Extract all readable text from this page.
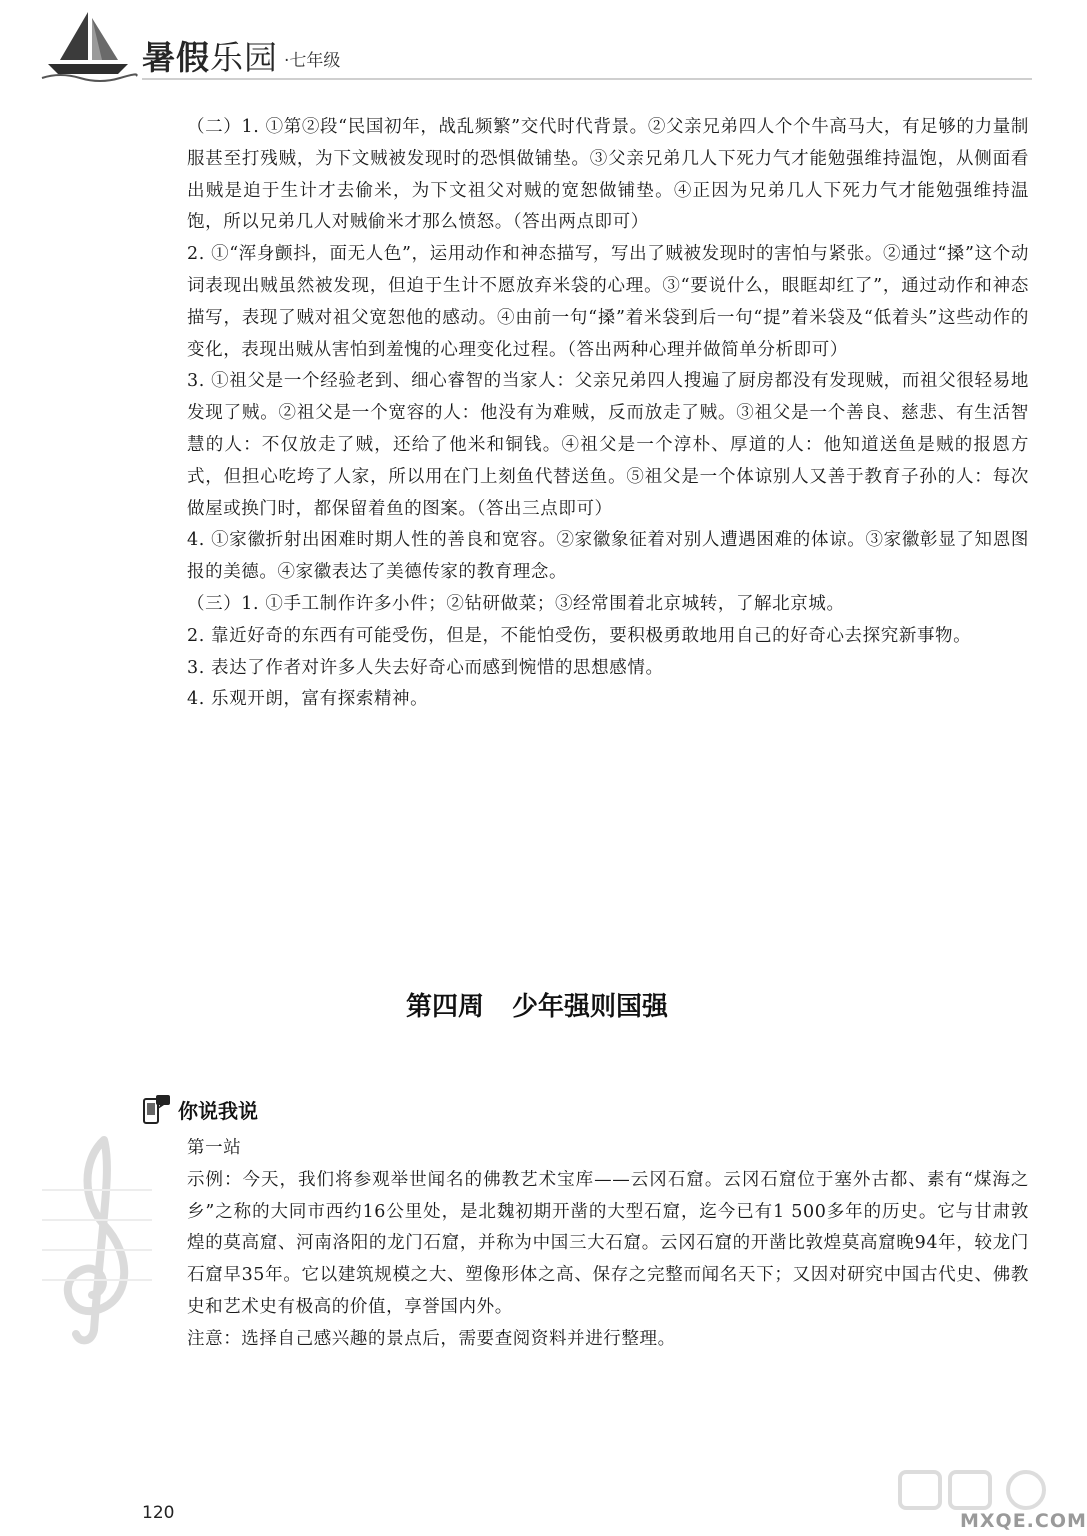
暑假乐园 ·七年级

（二）1. ①第②段“民国初年，战乱频繁”交代时代背景。②父亲兄弟四人个个牛高马大，有足够的力量制服甚至打残贼，为下文贼被发现时的恐惧做铺垫。③父亲兄弟几人下死力气才能勉强维持温饱，从侧面看出贼是迫于生计才去偷米，为下文祖父对贼的宽恕做铺垫。④正因为兄弟几人下死力气才能勉强维持温饱，所以兄弟几人对贼偷米才那么愤怒。（答出两点即可）

2. ①“浑身颤抖，面无人色”，运用动作和神态描写，写出了贼被发现时的害怕与紧张。②通过“搡”这个动词表现出贼虽然被发现，但迫于生计不愿放弃米袋的心理。③“要说什么，眼眶却红了”，通过动作和神态描写，表现了贼对祖父宽恕他的感动。④由前一句“搡”着米袋到后一句“提”着米袋及“低着头”这些动作的变化，表现出贼从害怕到羞愧的心理变化过程。（答出两种心理并做简单分析即可）

3. ①祖父是一个经验老到、细心睿智的当家人：父亲兄弟四人搜遍了厨房都没有发现贼，而祖父很轻易地发现了贼。②祖父是一个宽容的人：他没有为难贼，反而放走了贼。③祖父是一个善良、慈悲、有生活智慧的人：不仅放走了贼，还给了他米和铜钱。④祖父是一个淳朴、厚道的人：他知道送鱼是贼的报恩方式，但担心吃垮了人家，所以用在门上刻鱼代替送鱼。⑤祖父是一个体谅别人又善于教育子孙的人：每次做屋或换门时，都保留着鱼的图案。（答出三点即可）

4. ①家徽折射出困难时期人性的善良和宽容。②家徽象征着对别人遭遇困难的体谅。③家徽彰显了知恩图报的美德。④家徽表达了美德传家的教育理念。

（三）1. ①手工制作许多小件；②钻研做菜；③经常围着北京城转，了解北京城。

2. 靠近好奇的东西有可能受伤，但是，不能怕受伤，要积极勇敢地用自己的好奇心去探究新事物。

3. 表达了作者对许多人失去好奇心而感到惋惜的思想感情。

4. 乐观开朗，富有探索精神。

第四周 少年强则国强
你说我说

第一站

示例：今天，我们将参观举世闻名的佛教艺术宝库——云冈石窟。云冈石窟位于塞外古都、素有“煤海之乡”之称的大同市西约16公里处，是北魏初期开凿的大型石窟，迄今已有1 500多年的历史。它与甘肃敦煌的莫高窟、河南洛阳的龙门石窟，并称为中国三大石窟。云冈石窟的开凿比敦煌莫高窟晚94年，较龙门石窟早35年。它以建筑规模之大、塑像形体之高、保存之完整而闻名天下；又因对研究中国古代史、佛教史和艺术史有极高的价值，享誉国内外。

注意：选择自己感兴趣的景点后，需要查阅资料并进行整理。

120	MXQE.COM
